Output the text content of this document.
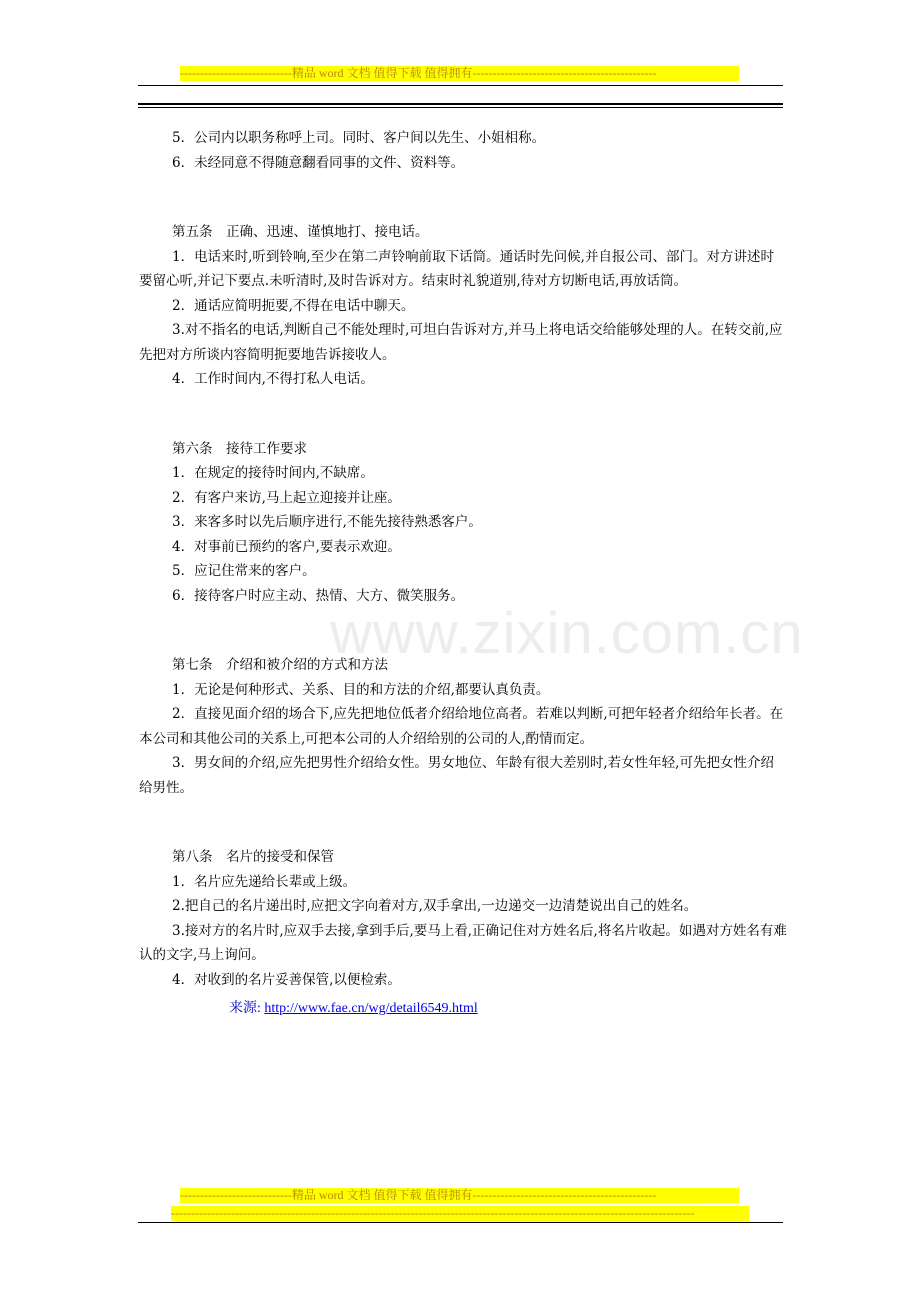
----------------------------精品 word 文档 值得下载 值得拥有----------------------------------------------
www.zixin.com.cn

5．公司内以职务称呼上司。同时、客户间以先生、小姐相称。

6．未经同意不得随意翻看同事的文件、资料等。

第五条　正确、迅速、谨慎地打、接电话。

1．电话来时,听到铃响,至少在第二声铃响前取下话筒。通话时先问候,并自报公司、部门。对方讲述时要留心听,并记下要点.未听清时,及时告诉对方。结束时礼貌道别,待对方切断电话,再放话筒。

2．通话应简明扼要,不得在电话中聊天。

3.对不指名的电话,判断自己不能处理时,可坦白告诉对方,并马上将电话交给能够处理的人。在转交前,应先把对方所谈内容简明扼要地告诉接收人。

4．工作时间内,不得打私人电话。

第六条　接待工作要求

1．在规定的接待时间内,不缺席。

2．有客户来访,马上起立迎接并让座。

3．来客多时以先后顺序进行,不能先接待熟悉客户。

4．对事前已预约的客户,要表示欢迎。

5．应记住常来的客户。

6．接待客户时应主动、热情、大方、微笑服务。

第七条　介绍和被介绍的方式和方法

1．无论是何种形式、关系、目的和方法的介绍,都要认真负责。

2．直接见面介绍的场合下,应先把地位低者介绍给地位高者。若难以判断,可把年轻者介绍给年长者。在本公司和其他公司的关系上,可把本公司的人介绍给别的公司的人,酌情而定。

3．男女间的介绍,应先把男性介绍给女性。男女地位、年龄有很大差别时,若女性年轻,可先把女性介绍给男性。

第八条　名片的接受和保管

1．名片应先递给长辈或上级。

2.把自己的名片递出时,应把文字向着对方,双手拿出,一边递交一边清楚说出自己的姓名。

3.接对方的名片时,应双手去接,拿到手后,要马上看,正确记住对方姓名后,将名片收起。如遇对方姓名有难认的文字,马上询问。

4．对收到的名片妥善保管,以便检索。

来源: http://www.fae.cn/wg/detail6549.html
----------------------------精品 word 文档 值得下载 值得拥有----------------------------------------------
-----------------------------------------------------------------------------------------------------------------------------------
